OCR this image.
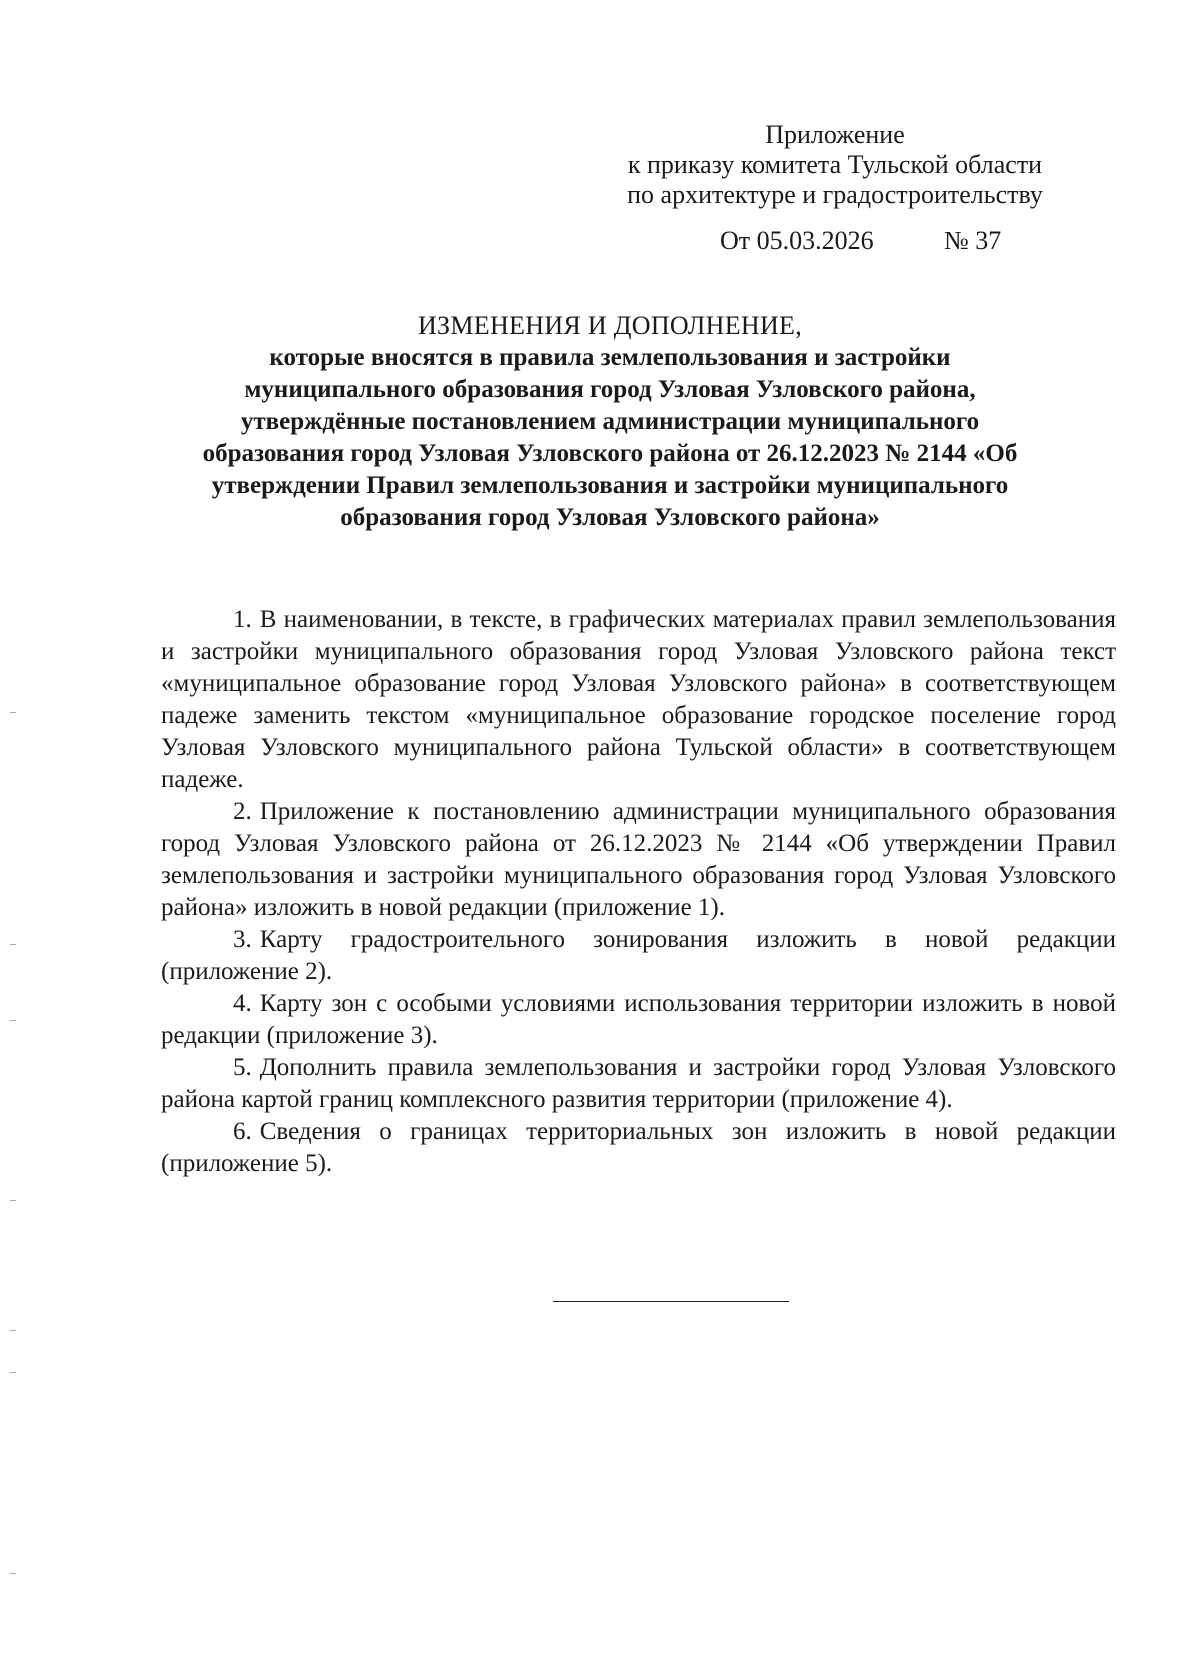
Приложение
к приказу комитета Тульской области
по архитектуре и градостроительству
От 05.03.2026	№ 37
ИЗМЕНЕНИЯ И ДОПОЛНЕНИЕ,
которые вносятся в правила землепользования и застройки
муниципального образования город Узловая Узловского района,
утверждённые постановлением администрации муниципального
образования город Узловая Узловского района от 26.12.2023 № 2144 «Об
утверждении Правил землепользования и застройки муниципального
образования город Узловая Узловского района»

1. В наименовании, в тексте, в графических материалах правил землепользования и застройки муниципального образования город Узловая Узловского района текст «муниципальное образование город Узловая Узловского района» в соответствующем падеже заменить текстом «муниципальное образование городское поселение город Узловая Узловского муниципального района Тульской области» в соответствующем падеже.

2. Приложение к постановлению администрации муниципального образования город Узловая Узловского района от 26.12.2023 № 2144 «Об утверждении Правил землепользования и застройки муниципального образования город Узловая Узловского района» изложить в новой редакции (приложение 1).

3. Карту градостроительного зонирования изложить в новой редакции (приложение 2).

4. Карту зон с особыми условиями использования территории изложить в новой редакции (приложение 3).

5. Дополнить правила землепользования и застройки город Узловая Узловского района картой границ комплексного развития территории (приложение 4).

6. Сведения о границах территориальных зон изложить в новой редакции (приложение 5).
